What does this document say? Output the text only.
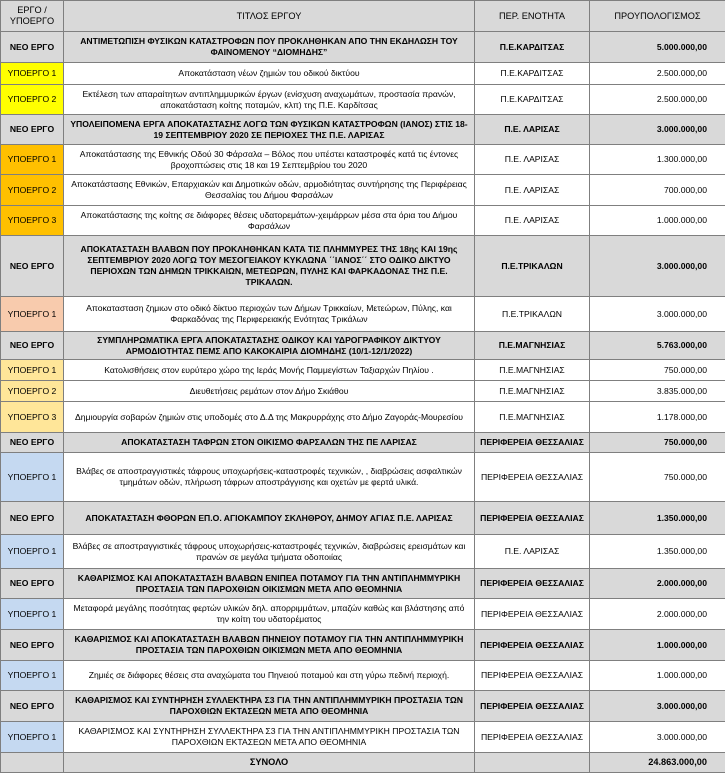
ΕΡΓΟ / ΥΠΟΕΡΓΟ	ΤΙΤΛΟΣ ΕΡΓΟΥ	ΠΕΡ. ΕΝΟΤΗΤΑ	ΠΡΟΥΠΟΛΟΓΙΣΜΟΣ
ΝΕΟ ΕΡΓΟ	ΑΝΤΙΜΕΤΩΠΙΣΗ ΦΥΣΙΚΩΝ ΚΑΤΑΣΤΡΟΦΩΝ ΠΟΥ ΠΡΟΚΛΗΘΗΚΑΝ ΑΠΟ ΤΗΝ ΕΚΔΗΛΩΣΗ ΤΟΥ ΦΑΙΝΟΜΕΝΟΥ “ΔΙΟΜΗΔΗΣ”	Π.Ε.ΚΑΡΔΙΤΣΑΣ	5.000.000,00
ΥΠΟΕΡΓΟ 1	Αποκατάσταση νέων ζημιών του οδικού δικτύου	Π.Ε.ΚΑΡΔΙΤΣΑΣ	2.500.000,00
ΥΠΟΕΡΓΟ 2	Εκτέλεση των απαραίτητων αντιπλημμυρικών έργων (ενίσχυση αναχωμάτων, προστασία πρανών, αποκατάσταση κοίτης ποταμών, κλπ) της Π.Ε. Καρδίτσας	Π.Ε.ΚΑΡΔΙΤΣΑΣ	2.500.000,00
ΝΕΟ ΕΡΓΟ	ΥΠΟΛΕΙΠΟΜΕΝΑ ΕΡΓΑ ΑΠΟΚΑΤΑΣΤΑΣΗΣ ΛΟΓΩ ΤΩΝ ΦΥΣΙΚΩΝ ΚΑΤΑΣΤΡΟΦΩΝ (ΙΑΝΟΣ) ΣΤΙΣ 18-19 ΣΕΠΤΕΜΒΡΙΟΥ 2020 ΣΕ ΠΕΡΙΟΧΕΣ ΤΗΣ Π.Ε. ΛΑΡΙΣΑΣ	Π.Ε. ΛΑΡΙΣΑΣ	3.000.000,00
ΥΠΟΕΡΓΟ 1	Αποκατάστασης της Εθνικής Οδού 30 Φάρσαλα – Βόλος που υπέστει καταστροφές κατά τις έντονες βροχοπτώσεις στις 18 και 19 Σεπτεμβρίου του 2020	Π.Ε. ΛΑΡΙΣΑΣ	1.300.000,00
ΥΠΟΕΡΓΟ 2	Αποκατάστασης Εθνικών, Επαρχιακών και Δημοτικών οδών, αρμοδιότητας συντήρησης της Περιφέρειας Θεσσαλίας του Δήμου Φαρσάλων	Π.Ε. ΛΑΡΙΣΑΣ	700.000,00
ΥΠΟΕΡΓΟ 3	Αποκατάστασης της κοίτης σε διάφορες θέσεις υδατορεμάτων-χειμάρρων μέσα στα όρια του Δήμου Φαρσάλων	Π.Ε. ΛΑΡΙΣΑΣ	1.000.000,00
ΝΕΟ ΕΡΓΟ	ΑΠΟΚΑΤΑΣΤΑΣΗ ΒΛΑΒΩΝ ΠΟΥ ΠΡΟΚΛΗΘΗΚΑΝ ΚΑΤΑ ΤΙΣ ΠΛΗΜΜΥΡΕΣ ΤΗΣ 18ης ΚΑΙ 19ης ΣΕΠΤΕΜΒΡΙΟΥ 2020 ΛΟΓΩ ΤΟΥ ΜΕΣΟΓΕΙΑΚΟΥ ΚΥΚΛΩΝΑ ΄΄ΙΑΝΟΣ΄΄ ΣΤΟ ΟΔΙΚΟ ΔΙΚΤΥΟ ΠΕΡΙΟΧΩΝ ΤΩΝ ΔΗΜΩΝ ΤΡΙΚΚΑΙΩΝ, ΜΕΤΕΩΡΩΝ, ΠΥΛΗΣ ΚΑΙ ΦΑΡΚΑΔΟΝΑΣ ΤΗΣ Π.Ε. ΤΡΙΚΑΛΩΝ.	Π.Ε.ΤΡΙΚΑΛΩΝ	3.000.000,00
ΥΠΟΕΡΓΟ 1	Αποκατασταση ζημιων στο οδικό δίκτυο περιοχών των Δήμων Τρικκαίων, Μετεώρων, Πύλης, και Φαρκαδόνας της Περιφερειακής Ενότητας Τρικάλων	Π.Ε.ΤΡΙΚΑΛΩΝ	3.000.000,00
ΝΕΟ ΕΡΓΟ	ΣΥΜΠΛΗΡΩΜΑΤΙΚΑ ΕΡΓΑ ΑΠΟΚΑΤΑΣΤΑΣΗΣ ΟΔΙΚΟΥ ΚΑΙ ΥΔΡΟΓΡΑΦΙΚΟΥ ΔΙΚΤΥΟΥ ΑΡΜΟΔΙΟΤΗΤΑΣ ΠΕΜΣ ΑΠΟ ΚΑΚΟΚΑΙΡΙΑ ΔΙΟΜΗΔΗΣ (10/1-12/1/2022)	Π.Ε.ΜΑΓΝΗΣΙΑΣ	5.763.000,00
ΥΠΟΕΡΓΟ 1	Κατολισθήσεις στον ευρύτερο χώρο της Ιεράς Μονής Παμμεγίστων Ταξιαρχών Πηλίου .	Π.Ε.ΜΑΓΝΗΣΙΑΣ	750.000,00
ΥΠΟΕΡΓΟ 2	Διευθετήσεις ρεμάτων στον Δήμο Σκιάθου	Π.Ε.ΜΑΓΝΗΣΙΑΣ	3.835.000,00
ΥΠΟΕΡΓΟ 3	Δημιουργία σοβαρών ζημιών στις υποδομές στο Δ.Δ της Μακρυρράχης στο Δήμο Ζαγοράς-Μουρεσίου	Π.Ε.ΜΑΓΝΗΣΙΑΣ	1.178.000,00
ΝΕΟ ΕΡΓΟ	ΑΠΟΚΑΤΑΣΤΑΣΗ ΤΑΦΡΩΝ ΣΤΟΝ ΟΙΚΙΣΜΟ ΦΑΡΣΑΛΩΝ ΤΗΣ ΠΕ ΛΑΡΙΣΑΣ	ΠΕΡΙΦΕΡΕΙΑ ΘΕΣΣΑΛΙΑΣ	750.000,00
ΥΠΟΕΡΓΟ 1	Βλάβες σε αποστραγγιστικές τάφρους υποχωρήσεις-καταστροφές τεχνικών, , διαβρώσεις ασφαλτικών τμημάτων οδών, πλήρωση τάφρων αποστράγγισης και οχετών με φερτά υλικά.	ΠΕΡΙΦΕΡΕΙΑ ΘΕΣΣΑΛΙΑΣ	750.000,00
ΝΕΟ ΕΡΓΟ	ΑΠΟΚΑΤΑΣΤΑΣΗ ΦΘΟΡΩΝ ΕΠ.Ο. ΑΓΙΟΚΑΜΠΟΥ ΣΚΛΗΘΡΟΥ, ΔΗΜΟΥ ΑΓΙΑΣ Π.Ε. ΛΑΡΙΣΑΣ	ΠΕΡΙΦΕΡΕΙΑ ΘΕΣΣΑΛΙΑΣ	1.350.000,00
ΥΠΟΕΡΓΟ 1	Βλάβες σε αποστραγγιστικές τάφρους υποχωρήσεις-καταστροφές τεχνικών, διαβρώσεις ερεισμάτων και πρανών σε μεγάλα τμήματα οδοποιίας	Π.Ε. ΛΑΡΙΣΑΣ	1.350.000,00
ΝΕΟ ΕΡΓΟ	ΚΑΘΑΡΙΣΜΟΣ ΚΑΙ ΑΠΟΚΑΤΑΣΤΑΣΗ ΒΛΑΒΩΝ ΕΝΙΠΕΑ ΠΟΤΑΜΟΥ ΓΙΑ ΤΗΝ ΑΝΤΙΠΛΗΜΜΥΡΙΚΗ ΠΡΟΣΤΑΣΙΑ ΤΩΝ ΠΑΡΟΧΘΙΩΝ ΟΙΚΙΣΜΩΝ ΜΕΤΑ ΑΠΟ ΘΕΟΜΗΝΙΑ	ΠΕΡΙΦΕΡΕΙΑ ΘΕΣΣΑΛΙΑΣ	2.000.000,00
ΥΠΟΕΡΓΟ 1	Μεταφορά μεγάλης ποσότητας φερτών υλικών δηλ. απορριμμάτων, μπαζών καθώς και βλάστησης από την κοίτη του υδατορέματος	ΠΕΡΙΦΕΡΕΙΑ ΘΕΣΣΑΛΙΑΣ	2.000.000,00
ΝΕΟ ΕΡΓΟ	ΚΑΘΑΡΙΣΜΟΣ ΚΑΙ ΑΠΟΚΑΤΑΣΤΑΣΗ ΒΛΑΒΩΝ ΠΗΝΕΙΟΥ ΠΟΤΑΜΟΥ ΓΙΑ ΤΗΝ ΑΝΤΙΠΛΗΜΜΥΡΙΚΗ ΠΡΟΣΤΑΣΙΑ ΤΩΝ ΠΑΡΟΧΘΙΩΝ ΟΙΚΙΣΜΩΝ ΜΕΤΑ ΑΠΟ ΘΕΟΜΗΝΙΑ	ΠΕΡΙΦΕΡΕΙΑ ΘΕΣΣΑΛΙΑΣ	1.000.000,00
ΥΠΟΕΡΓΟ 1	Ζημιές σε διάφορες θέσεις στα αναχώματα του Πηνειού ποταμού και στη γύρω πεδινή περιοχή.	ΠΕΡΙΦΕΡΕΙΑ ΘΕΣΣΑΛΙΑΣ	1.000.000,00
ΝΕΟ ΕΡΓΟ	ΚΑΘΑΡΙΣΜΟΣ ΚΑΙ ΣΥΝΤΗΡΗΣΗ ΣΥΛΛΕΚΤΗΡΑ Σ3 ΓΙΑ ΤΗΝ ΑΝΤΙΠΛΗΜΜΥΡΙΚΗ ΠΡΟΣΤΑΣΙΑ ΤΩΝ ΠΑΡΟΧΘΙΩΝ ΕΚΤΑΣΕΩΝ ΜΕΤΑ ΑΠΟ ΘΕΟΜΗΝΙΑ	ΠΕΡΙΦΕΡΕΙΑ ΘΕΣΣΑΛΙΑΣ	3.000.000,00
ΥΠΟΕΡΓΟ 1	ΚΑΘΑΡΙΣΜΟΣ ΚΑΙ ΣΥΝΤΗΡΗΣΗ ΣΥΛΛΕΚΤΗΡΑ Σ3 ΓΙΑ ΤΗΝ ΑΝΤΙΠΛΗΜΜΥΡΙΚΗ ΠΡΟΣΤΑΣΙΑ ΤΩΝ ΠΑΡΟΧΘΙΩΝ ΕΚΤΑΣΕΩΝ ΜΕΤΑ ΑΠΟ ΘΕΟΜΗΝΙΑ	ΠΕΡΙΦΕΡΕΙΑ ΘΕΣΣΑΛΙΑΣ	3.000.000,00
	ΣΥΝΟΛΟ		24.863.000,00
